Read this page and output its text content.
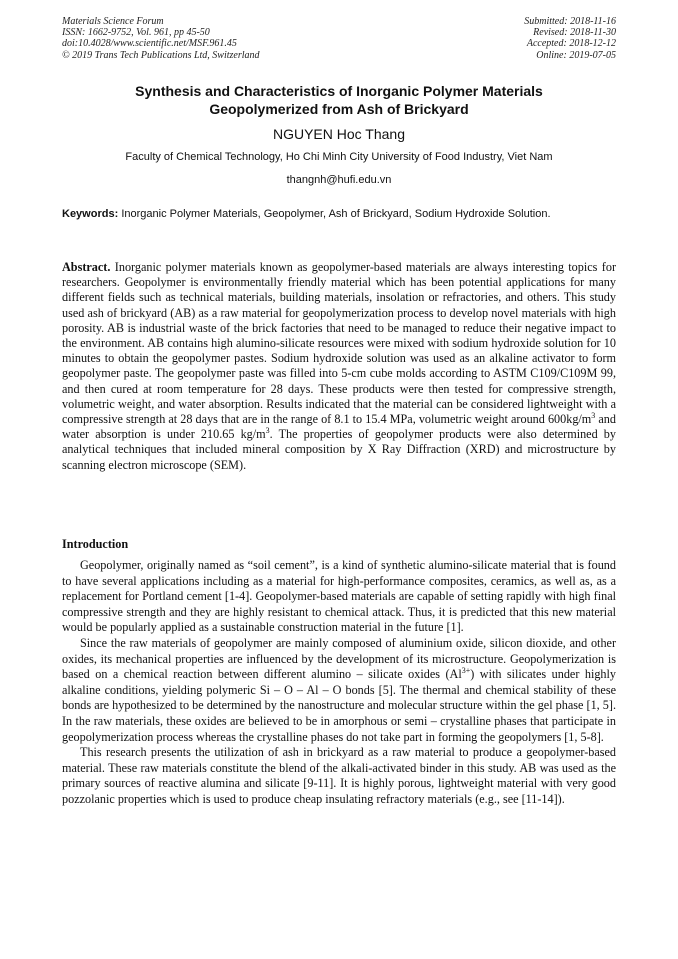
Materials Science Forum
ISSN: 1662-9752, Vol. 961, pp 45-50
doi:10.4028/www.scientific.net/MSF.961.45
© 2019 Trans Tech Publications Ltd, Switzerland
Submitted: 2018-11-16
Revised: 2018-11-30
Accepted: 2018-12-12
Online: 2019-07-05
Synthesis and Characteristics of Inorganic Polymer Materials
Geopolymerized from Ash of Brickyard
NGUYEN Hoc Thang
Faculty of Chemical Technology, Ho Chi Minh City University of Food Industry, Viet Nam
thangnh@hufi.edu.vn
Keywords: Inorganic Polymer Materials, Geopolymer, Ash of Brickyard, Sodium Hydroxide Solution.
Abstract. Inorganic polymer materials known as geopolymer-based materials are always interesting topics for researchers. Geopolymer is environmentally friendly material which has been potential applications for many different fields such as technical materials, building materials, insolation or refractories, and others. This study used ash of brickyard (AB) as a raw material for geopolymerization process to develop novel materials with high porosity. AB is industrial waste of the brick factories that need to be managed to reduce their negative impact to the environment. AB contains high alumino-silicate resources were mixed with sodium hydroxide solution for 10 minutes to obtain the geopolymer pastes. Sodium hydroxide solution was used as an alkaline activator to form geopolymer paste. The geopolymer paste was filled into 5-cm cube molds according to ASTM C109/C109M 99, and then cured at room temperature for 28 days. These products were then tested for compressive strength, volumetric weight, and water absorption. Results indicated that the material can be considered lightweight with a compressive strength at 28 days that are in the range of 8.1 to 15.4 MPa, volumetric weight around $600kg/m^3$ and water absorption is under 210.65 $kg/m^3$. The properties of geopolymer products were also determined by analytical techniques that included mineral composition by X Ray Diffraction (XRD) and microstructure by scanning electron microscope (SEM).
Introduction

Geopolymer, originally named as “soil cement”, is a kind of synthetic alumino-silicate material that is found to have several applications including as a material for high-performance composites, ceramics, as well as, as a replacement for Portland cement [1-4]. Geopolymer-based materials are capable of setting rapidly with high final compressive strength and they are highly resistant to chemical attack. Thus, it is predicted that this new material would be popularly applied as a sustainable construction material in the future [1].

Since the raw materials of geopolymer are mainly composed of aluminium oxide, silicon dioxide, and other oxides, its mechanical properties are influenced by the development of its microstructure. Geopolymerization is based on a chemical reaction between different alumino – silicate oxides $(Al^{3+})$ with silicates under highly alkaline conditions, yielding polymeric Si – O – Al – O bonds [5]. The thermal and chemical stability of these bonds are hypothesized to be determined by the nanostructure and molecular structure within the gel phase [1, 5]. In the raw materials, these oxides are believed to be in amorphous or semi – crystalline phases that participate in geopolymerization process whereas the crystalline phases do not take part in forming the geopolymers [1, 5-8].

This research presents the utilization of ash in brickyard as a raw material to produce a geopolymer-based material. These raw materials constitute the blend of the alkali-activated binder in this study. AB was used as the primary sources of reactive alumina and silicate [9-11]. It is highly porous, lightweight material with very good pozzolanic properties which is used to produce cheap insulating refractory materials (e.g., see [11-14]).
